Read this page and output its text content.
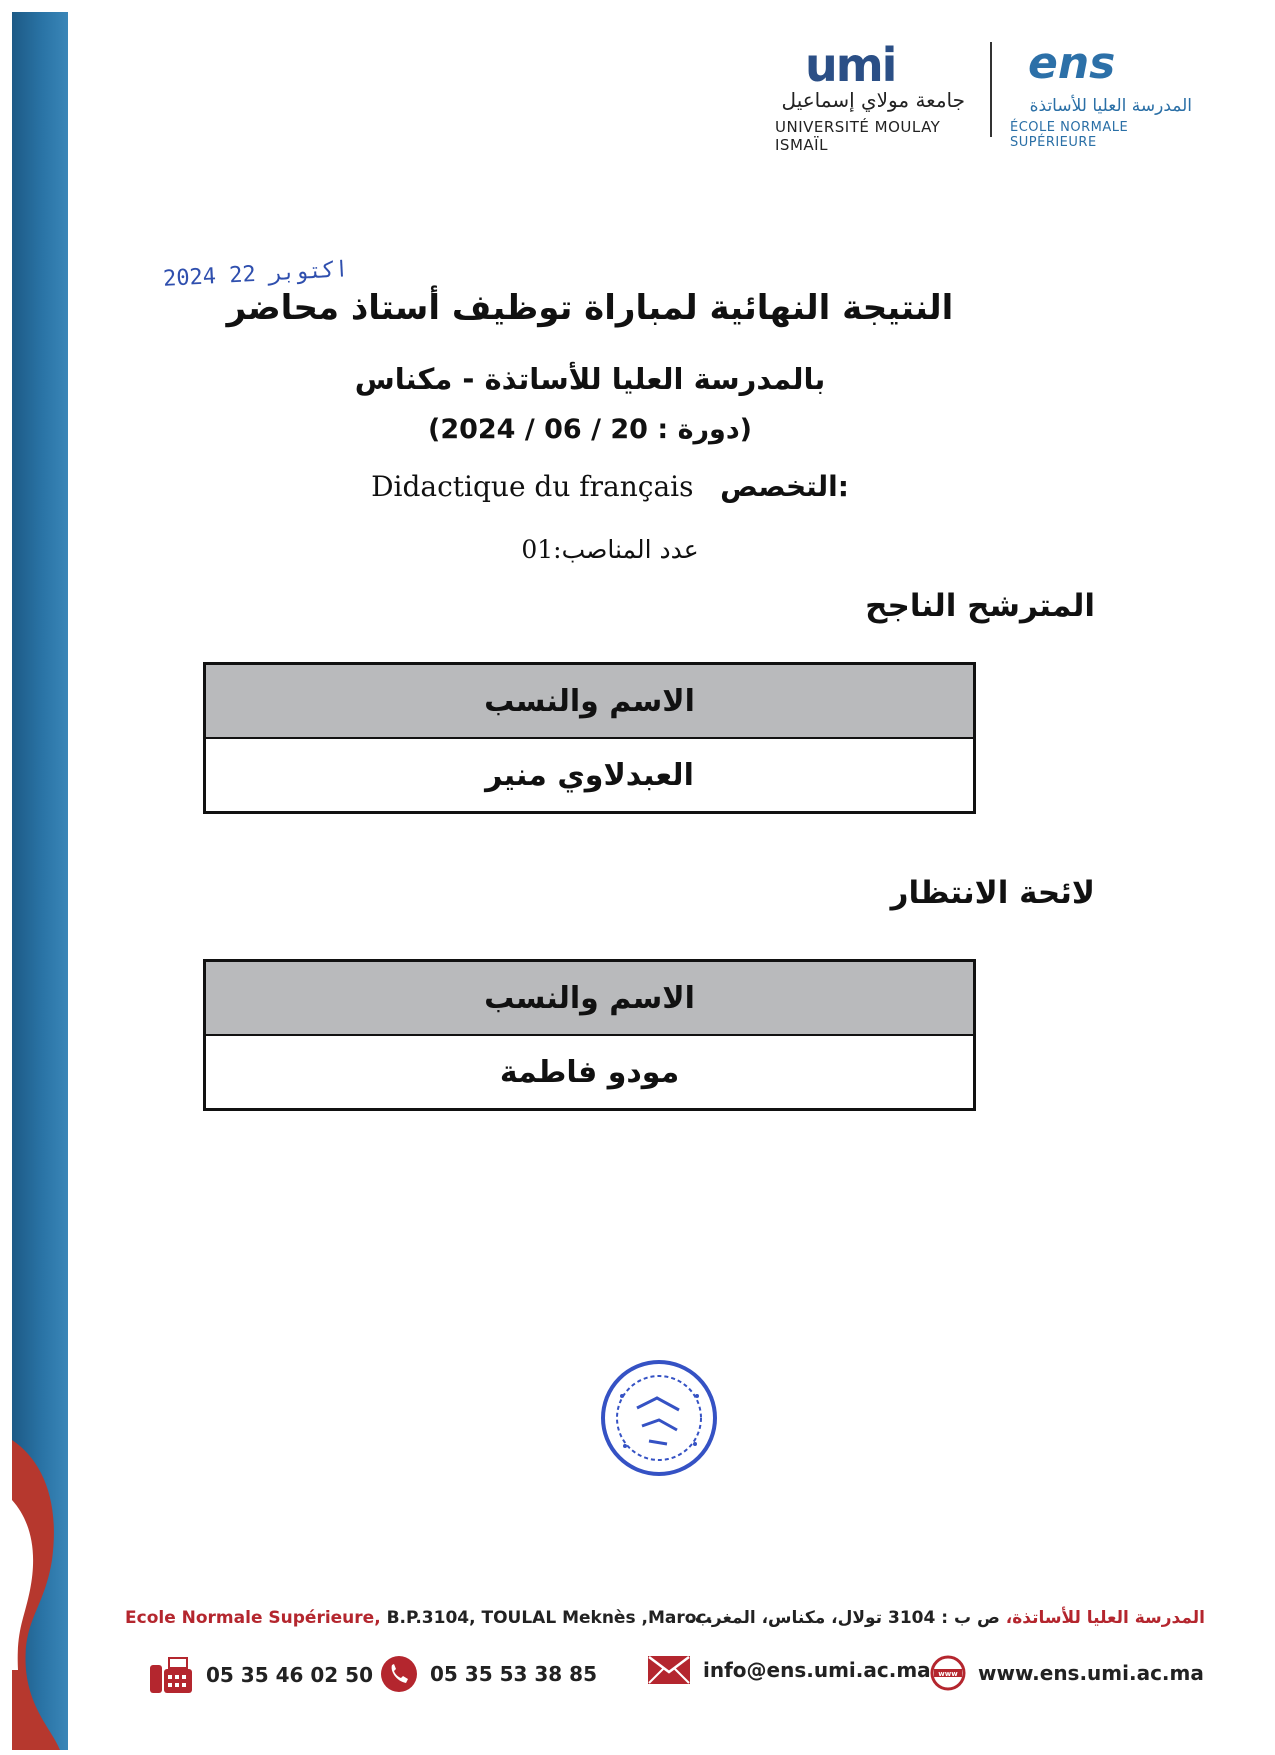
umi
جامعة مولاي إسماعيل
UNIVERSITÉ MOULAY ISMAÏL
ens
المدرسة العليا للأساتذة
ÉCOLE NORMALE SUPÉRIEURE
2024 اكتوبر 22
النتيجة النهائية لمباراة توظيف أستاذ محاضر
بالمدرسة العليا للأساتذة - مكناس
(دورة : 20 / 06 / 2024)
Didactique du français التخصص:
عدد المناصب:01
المترشح الناجح
الاسم والنسب
العبدلاوي منير
لائحة الانتظار
الاسم والنسب
مودو فاطمة
Ecole Normale Supérieure, B.P.3104, TOULAL Meknès ,Maroc.	المدرسة العليا للأساتذة، ص ب : 3104 تولال، مكناس، المغرب.
05 35 46 02 50	05 35 53 38 85	info@ens.umi.ac.ma www www.ens.umi.ac.ma
